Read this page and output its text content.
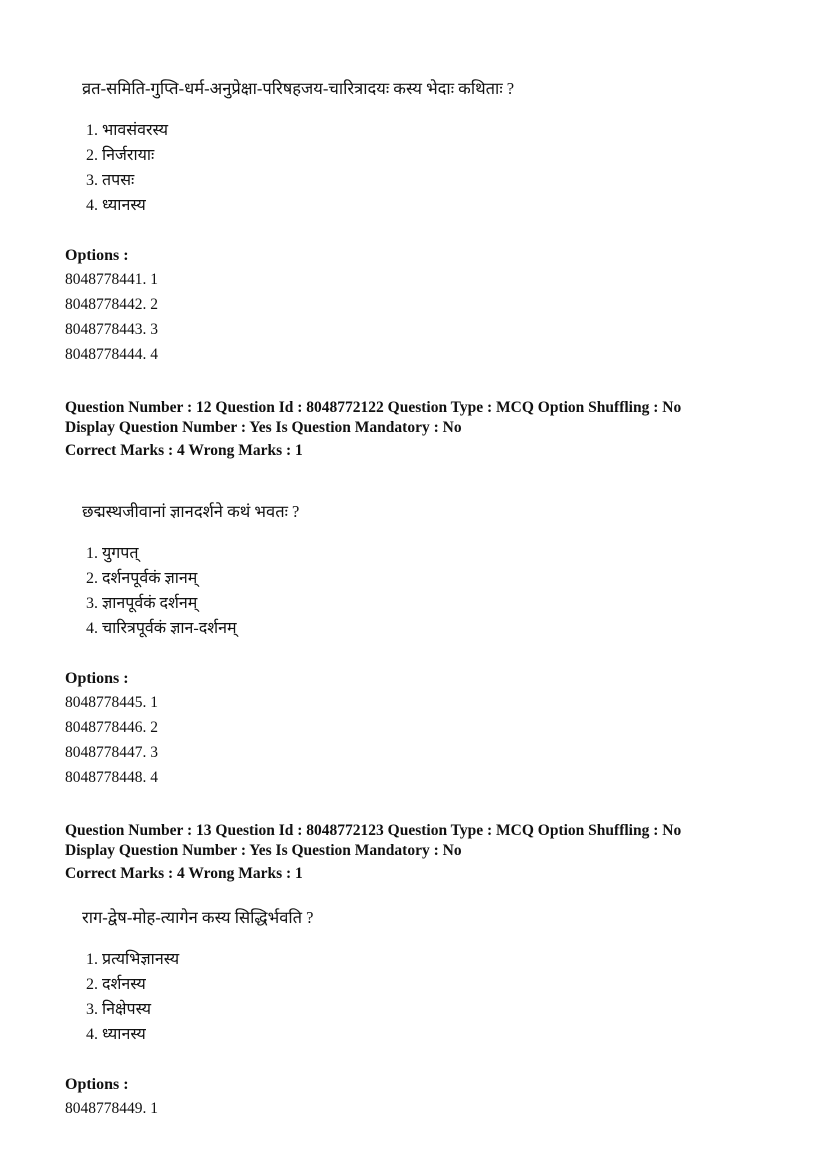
व्रत-समिति-गुप्ति-धर्म-अनुप्रेक्षा-परिषहजय-चारित्रादयः कस्य भेदाः कथिताः ?
1. भावसंवरस्य
2. निर्जरायाः
3. तपसः
4. ध्यानस्य
Options :
8048778441. 1
8048778442. 2
8048778443. 3
8048778444. 4
Question Number : 12 Question Id : 8048772122 Question Type : MCQ Option Shuffling : No
Display Question Number : Yes Is Question Mandatory : No
Correct Marks : 4 Wrong Marks : 1
छद्मस्थजीवानां ज्ञानदर्शने कथं भवतः ?
1. युगपत्
2. दर्शनपूर्वकं ज्ञानम्
3. ज्ञानपूर्वकं दर्शनम्
4. चारित्रपूर्वकं ज्ञान-दर्शनम्
Options :
8048778445. 1
8048778446. 2
8048778447. 3
8048778448. 4
Question Number : 13 Question Id : 8048772123 Question Type : MCQ Option Shuffling : No
Display Question Number : Yes Is Question Mandatory : No
Correct Marks : 4 Wrong Marks : 1
राग-द्वेष-मोह-त्यागेन कस्य सिद्धिर्भवति ?
1. प्रत्यभिज्ञानस्य
2. दर्शनस्य
3. निक्षेपस्य
4. ध्यानस्य
Options :
8048778449. 1
